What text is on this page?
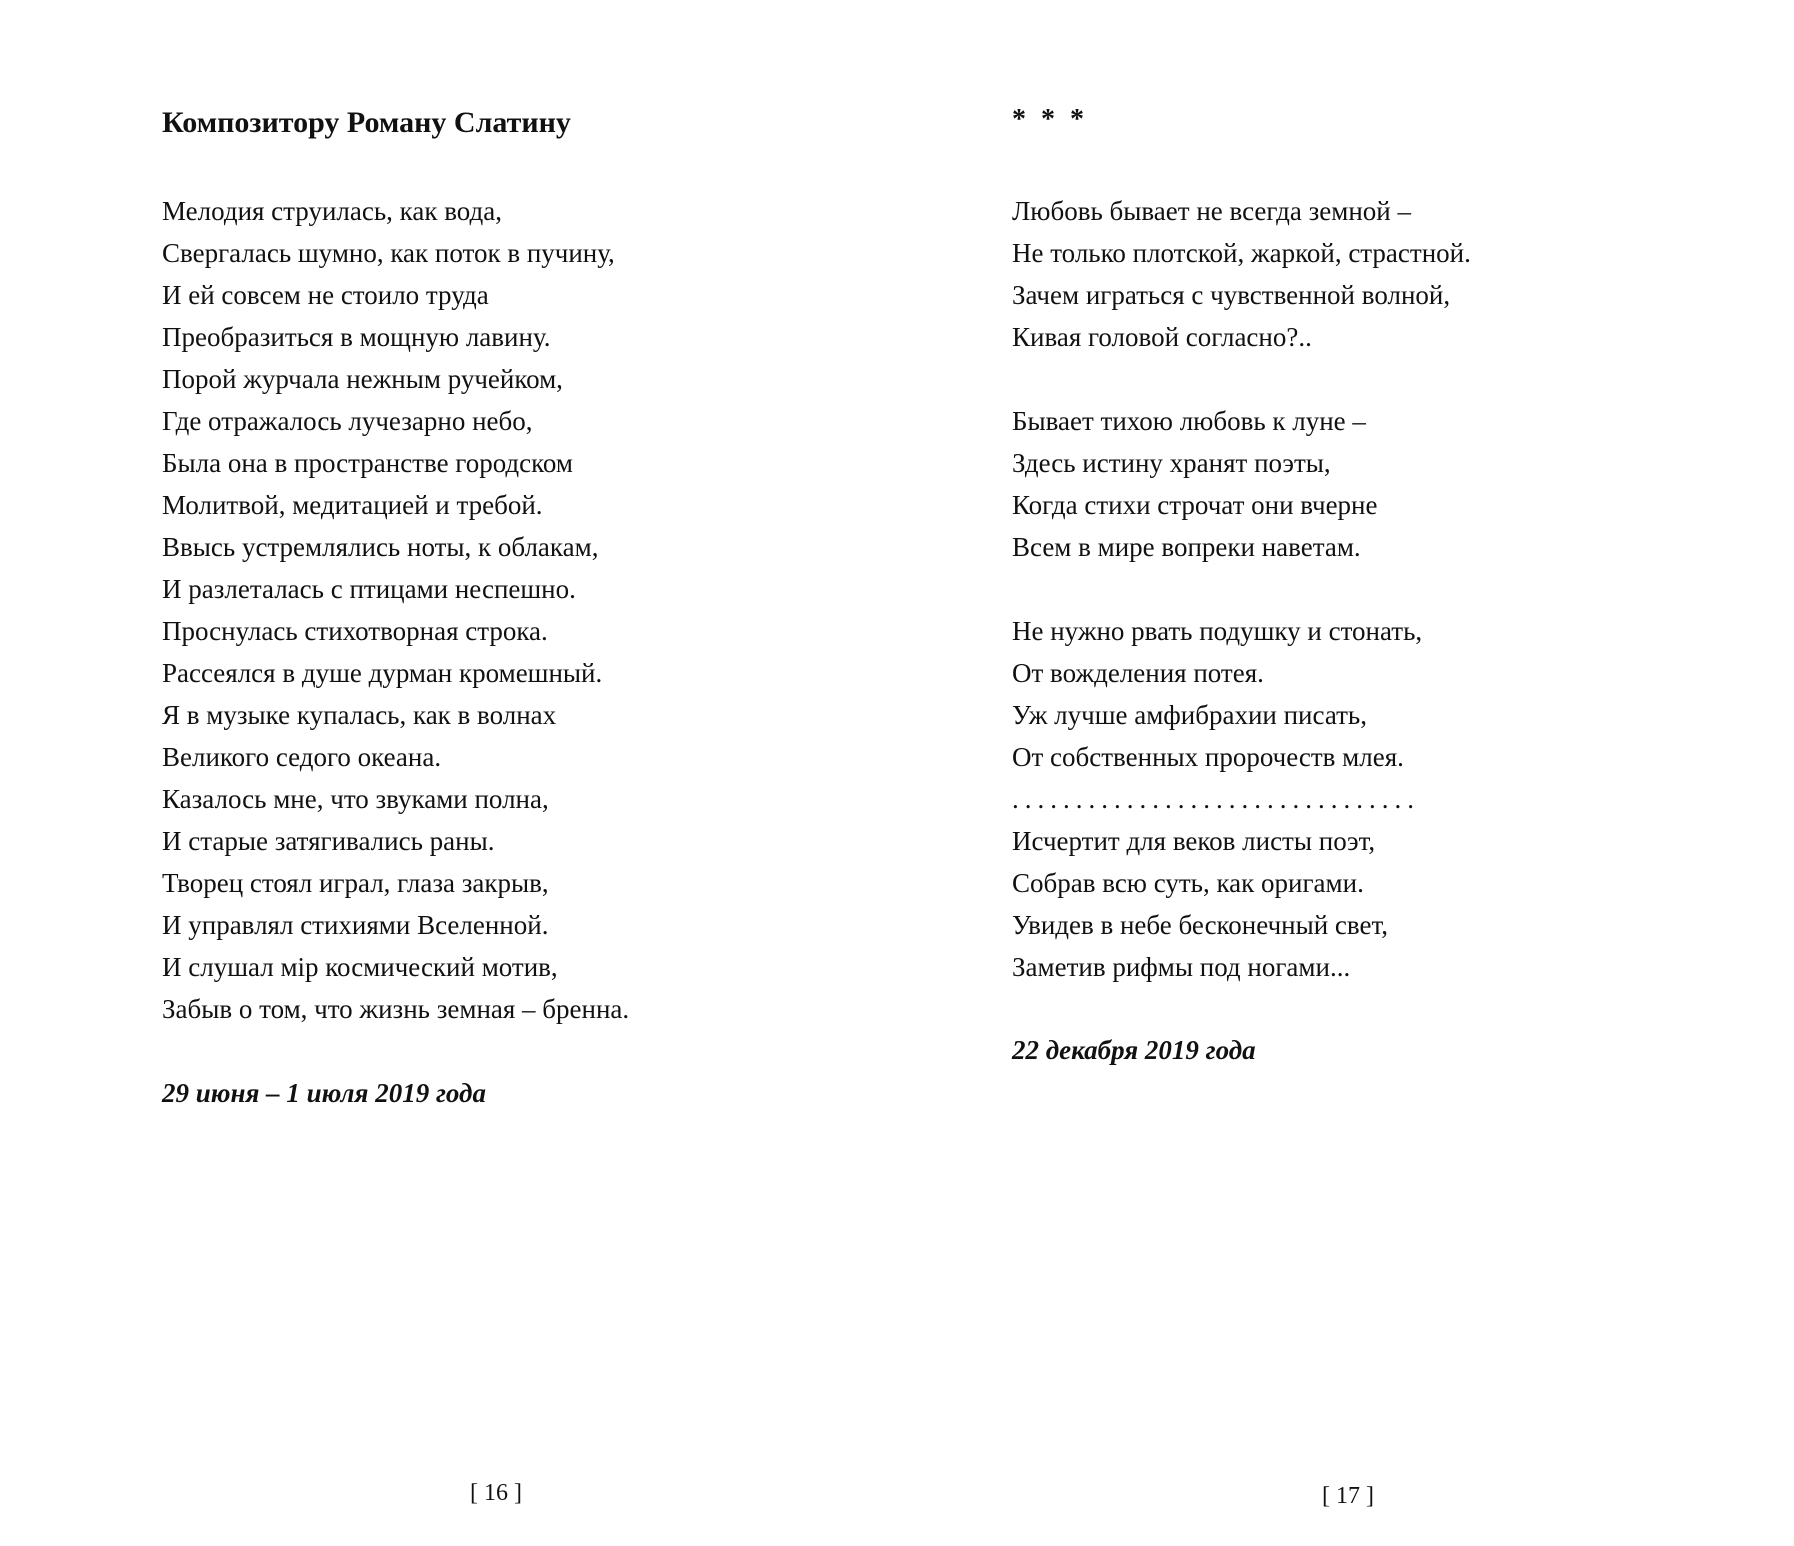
Композитору Роману Слатину
Мелодия струилась, как вода,
Свергалась шумно, как поток в пучину,
И ей совсем не стоило труда
Преобразиться в мощную лавину.
Порой журчала нежным ручейком,
Где отражалось лучезарно небо,
Была она в пространстве городском
Молитвой, медитацией и требой.
Ввысь устремлялись ноты, к облакам,
И разлеталась с птицами неспешно.
Проснулась стихотворная строка.
Рассеялся в душе дурман кромешный.
Я в музыке купалась, как в волнах
Великого седого океана.
Казалось мне, что звуками полна,
И старые затягивались раны.
Творец стоял играл, глаза закрыв,
И управлял стихиями Вселенной.
И слушал мір космический мотив,
Забыв о том, что жизнь земная – бренна.

29 июня – 1 июля 2019 года

[ 16 ]

* * *
Любовь бывает не всегда земной –
Не только плотской, жаркой, страстной.
Зачем играться с чувственной волной,
Кивая головой согласно?..
Бывает тихою любовь к луне –
Здесь истину хранят поэты,
Когда стихи строчат они вчерне
Всем в мире вопреки наветам.
Не нужно рвать подушку и стонать,
От вожделения потея.
Уж лучше амфибрахии писать,
От собственных пророчеств млея.
................................
Исчертит для веков листы поэт,
Собрав всю суть, как оригами.
Увидев в небе бесконечный свет,
Заметив рифмы под ногами...

22 декабря 2019 года

[ 17 ]
